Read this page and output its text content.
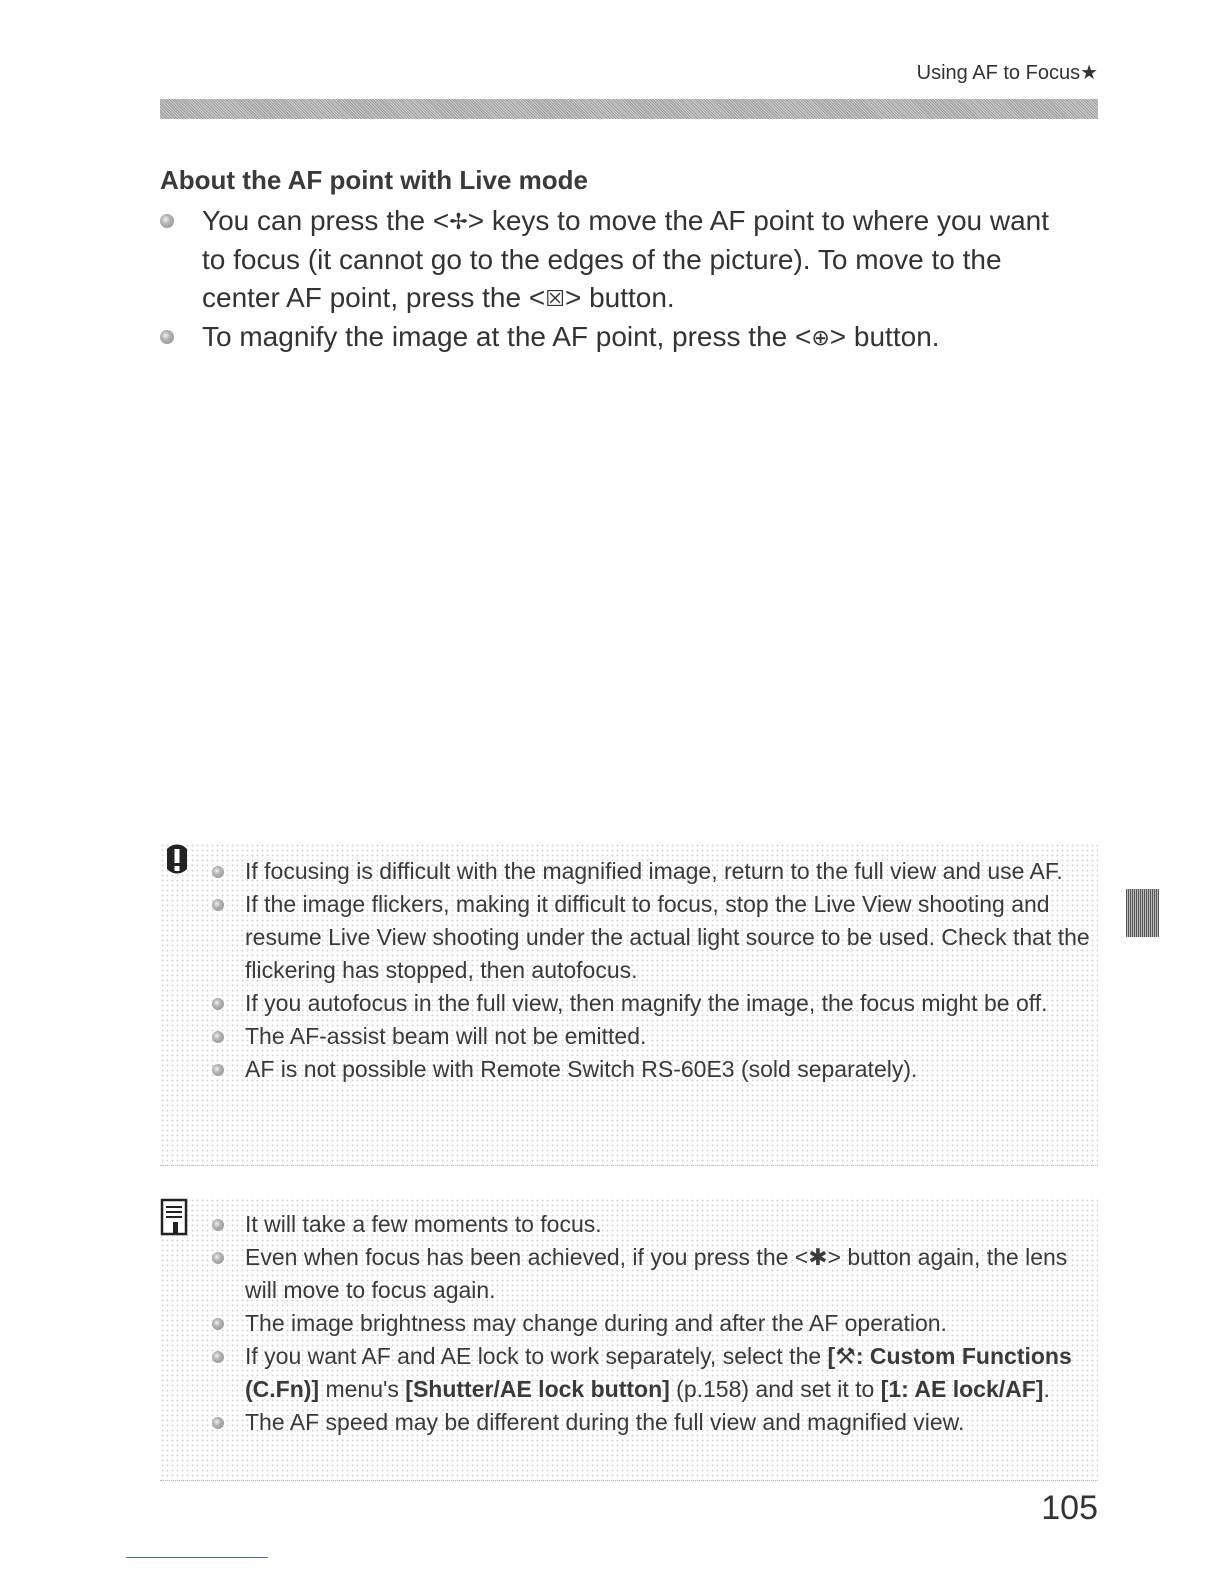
Using AF to Focus★
About the AF point with Live mode
You can press the <✢> keys to move the AF point to where you want to focus (it cannot go to the edges of the picture). To move to the center AF point, press the <☒> button.
To magnify the image at the AF point, press the <⊕> button.
If focusing is difficult with the magnified image, return to the full view and use AF.
If the image flickers, making it difficult to focus, stop the Live View shooting and resume Live View shooting under the actual light source to be used. Check that the flickering has stopped, then autofocus.
If you autofocus in the full view, then magnify the image, the focus might be off.
The AF-assist beam will not be emitted.
AF is not possible with Remote Switch RS-60E3 (sold separately).
It will take a few moments to focus.
Even when focus has been achieved, if you press the <✱> button again, the lens will move to focus again.
The image brightness may change during and after the AF operation.
If you want AF and AE lock to work separately, select the [⚒: Custom Functions (C.Fn)] menu's [Shutter/AE lock button] (p.158) and set it to [1: AE lock/AF].
The AF speed may be different during the full view and magnified view.
105
